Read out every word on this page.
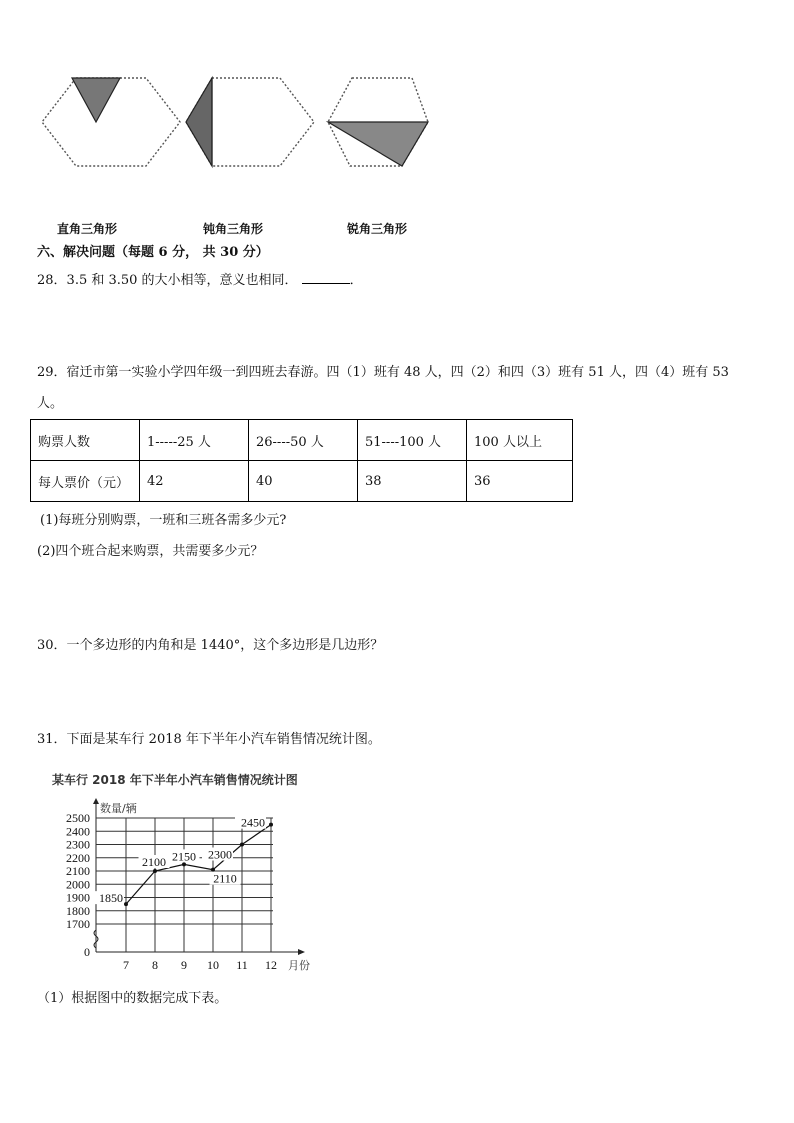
直角三角形	钝角三角形	锐角三角形
六、解决问题（每题 6 分， 共 30 分）
28．3.5 和 3.50 的大小相等，意义也相同．	．
29．宿迁市第一实验小学四年级一到四班去春游。四（1）班有 48 人，四（2）和四（3）班有 51 人，四（4）班有 53
人。
购票人数	1-----25 人	26----50 人	51----100 人	100 人以上
每人票价（元）	42	40	38	36
(1)每班分别购票，一班和三班各需多少元?
(2)四个班合起来购票，共需要多少元？
30．一个多边形的内角和是 1440°，这个多边形是几边形？
31．下面是某车行 2018 年下半年小汽车销售情况统计图。
某车行 2018 年下半年小汽车销售情况统计图
2500
2400
2300
2200
2100
2000
1900
1800
1700
0
7 8 9 10 11 12
数量/辆
月份
1850
2100 2150
2110
2300
2450
（1）根据图中的数据完成下表。
